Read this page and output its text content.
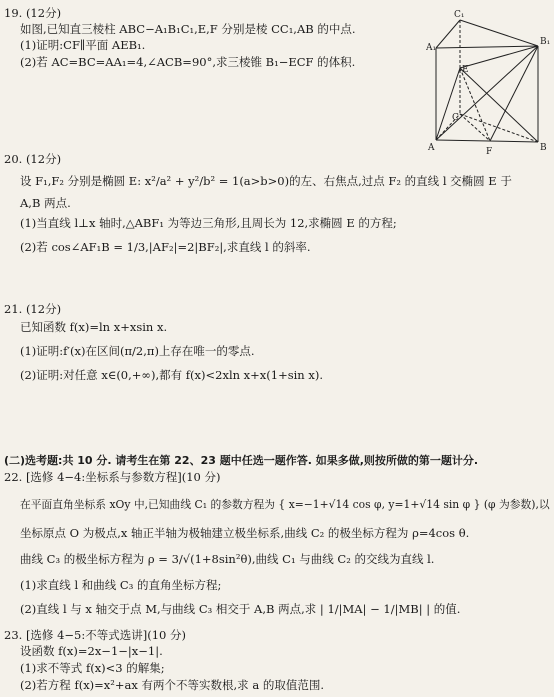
19. (12分)
如图,已知直三棱柱 ABC−A₁B₁C₁,E,F 分别是棱 CC₁,AB 的中点.
(1)证明:CF∥平面 AEB₁.
(2)若 AC=BC=AA₁=4,∠ACB=90°,求三棱锥 B₁−ECF 的体积.
C₁
A₁
B₁
E
C
A	F	B
20. (12分)
设 F₁,F₂ 分别是椭圆 E: x²/a² + y²/b² = 1(a>b>0)的左、右焦点,过点 F₂ 的直线 l 交椭圆 E 于
A,B 两点.
(1)当直线 l⊥x 轴时,△ABF₁ 为等边三角形,且周长为 12,求椭圆 E 的方程;
(2)若 cos∠AF₁B = 1/3,|AF₂|=2|BF₂|,求直线 l 的斜率.
21. (12分)
已知函数 f(x)=ln x+xsin x.
(1)证明:f′(x)在区间(π/2,π)上存在唯一的零点.
(2)证明:对任意 x∈(0,+∞),都有 f(x)<2xln x+x(1+sin x).
(二)选考题:共 10 分. 请考生在第 22、23 题中任选一题作答. 如果多做,则按所做的第一题计分.
22. [选修 4−4:坐标系与参数方程](10 分)
在平面直角坐标系 xOy 中,已知曲线 C₁ 的参数方程为 { x=−1+√14 cos φ, y=1+√14 sin φ } (φ 为参数),以
坐标原点 O 为极点,x 轴正半轴为极轴建立极坐标系,曲线 C₂ 的极坐标方程为 ρ=4cos θ.
曲线 C₃ 的极坐标方程为 ρ = 3/√(1+8sin²θ),曲线 C₁ 与曲线 C₂ 的交线为直线 l.
(1)求直线 l 和曲线 C₃ 的直角坐标方程;
(2)直线 l 与 x 轴交于点 M,与曲线 C₃ 相交于 A,B 两点,求 | 1/|MA| − 1/|MB| | 的值.
23. [选修 4−5:不等式选讲](10 分)
设函数 f(x)=2x−1−|x−1|.
(1)求不等式 f(x)<3 的解集;
(2)若方程 f(x)=x²+ax 有两个不等实数根,求 a 的取值范围.
